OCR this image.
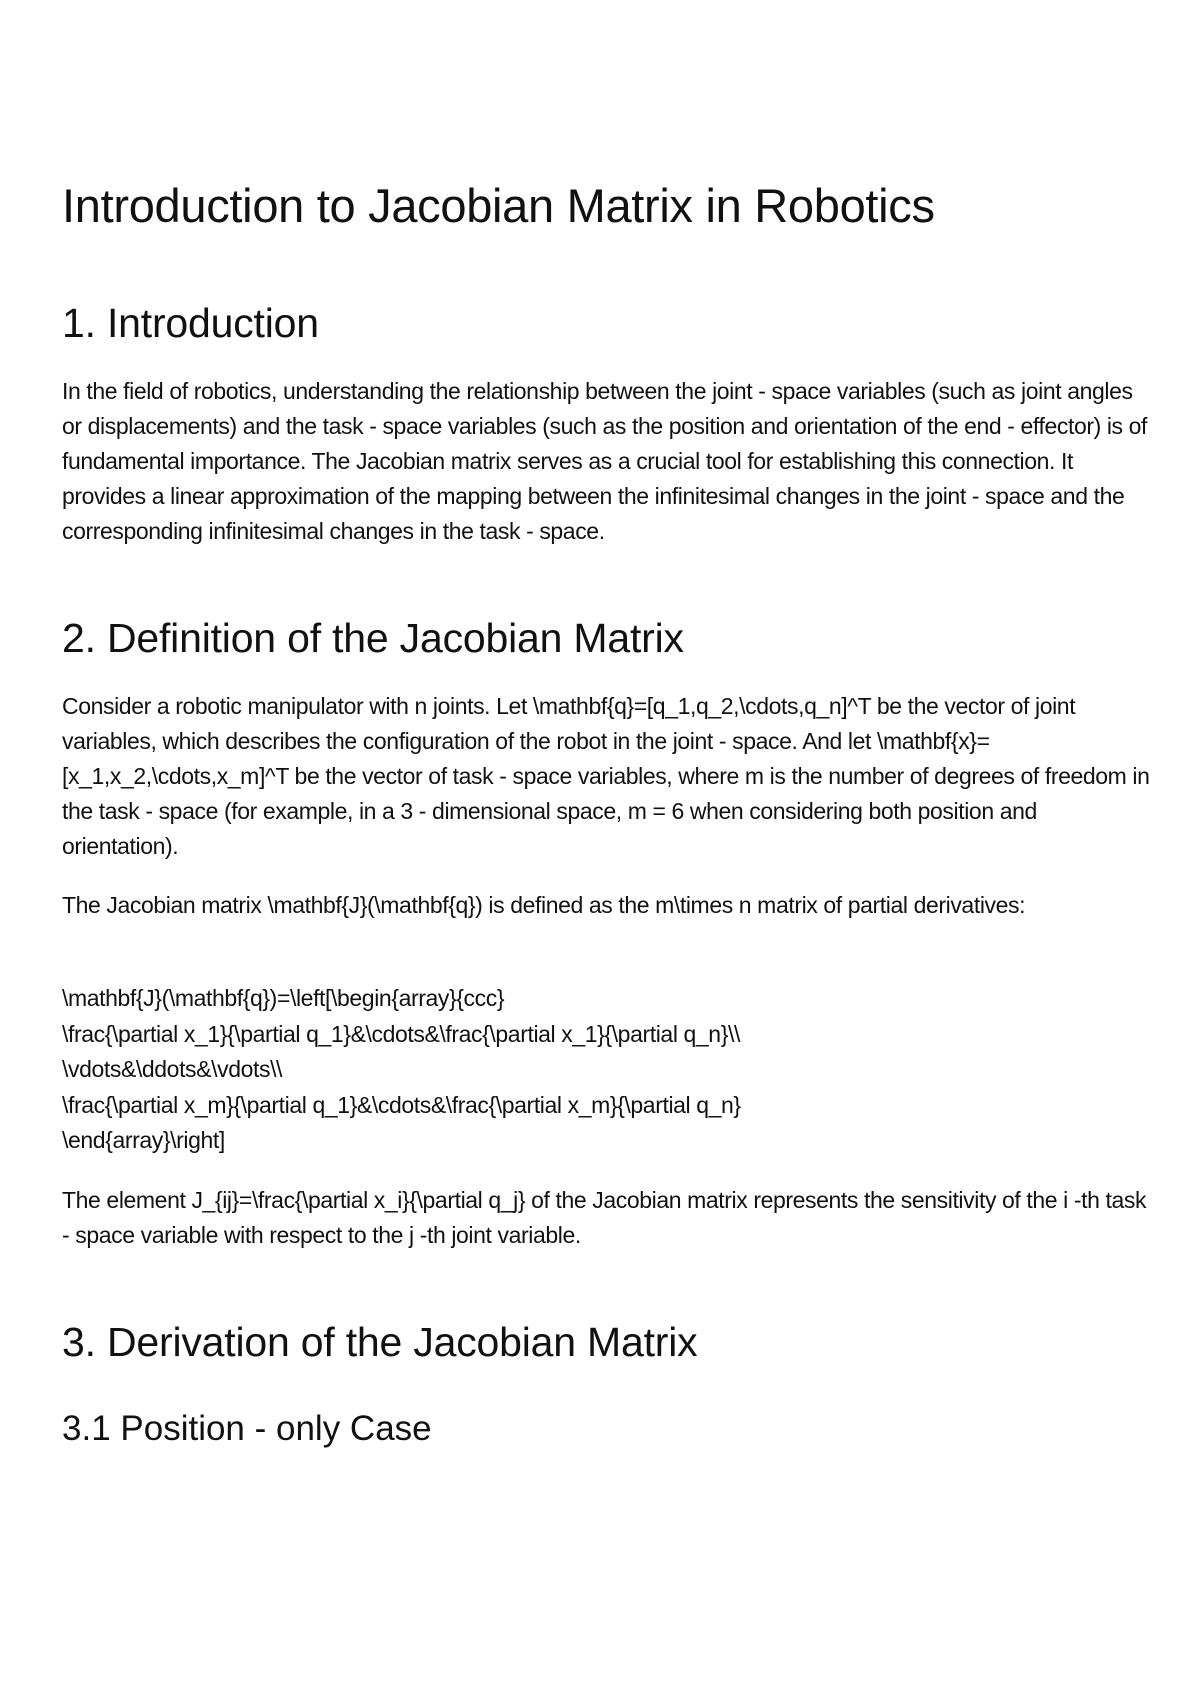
Introduction to Jacobian Matrix in Robotics
1. Introduction

In the field of robotics, understanding the relationship between the joint - space variables (such as joint angles or displacements) and the task - space variables (such as the position and orientation of the end - effector) is of fundamental importance. The Jacobian matrix serves as a crucial tool for establishing this connection. It provides a linear approximation of the mapping between the infinitesimal changes in the joint - space and the corresponding infinitesimal changes in the task - space.

2. Definition of the Jacobian Matrix

Consider a robotic manipulator with n joints. Let \mathbf{q}=[q_1,q_2,\cdots,q_n]^T be the vector of joint variables, which describes the configuration of the robot in the joint - space. And let \mathbf{x}=[x_1,x_2,\cdots,x_m]^T be the vector of task - space variables, where m is the number of degrees of freedom in the task - space (for example, in a 3 - dimensional space, m = 6 when considering both position and orientation).

The Jacobian matrix \mathbf{J}(\mathbf{q}) is defined as the m\times n matrix of partial derivatives:

\mathbf{J}(\mathbf{q})=\left[\begin{array}{ccc}
\frac{\partial x_1}{\partial q_1}&\cdots&\frac{\partial x_1}{\partial q_n}\\
\vdots&\ddots&\vdots\\
\frac{\partial x_m}{\partial q_1}&\cdots&\frac{\partial x_m}{\partial q_n}
\end{array}\right]

The element J_{ij}=\frac{\partial x_i}{\partial q_j} of the Jacobian matrix represents the sensitivity of the i -th task - space variable with respect to the j -th joint variable.

3. Derivation of the Jacobian Matrix
3.1 Position - only Case
